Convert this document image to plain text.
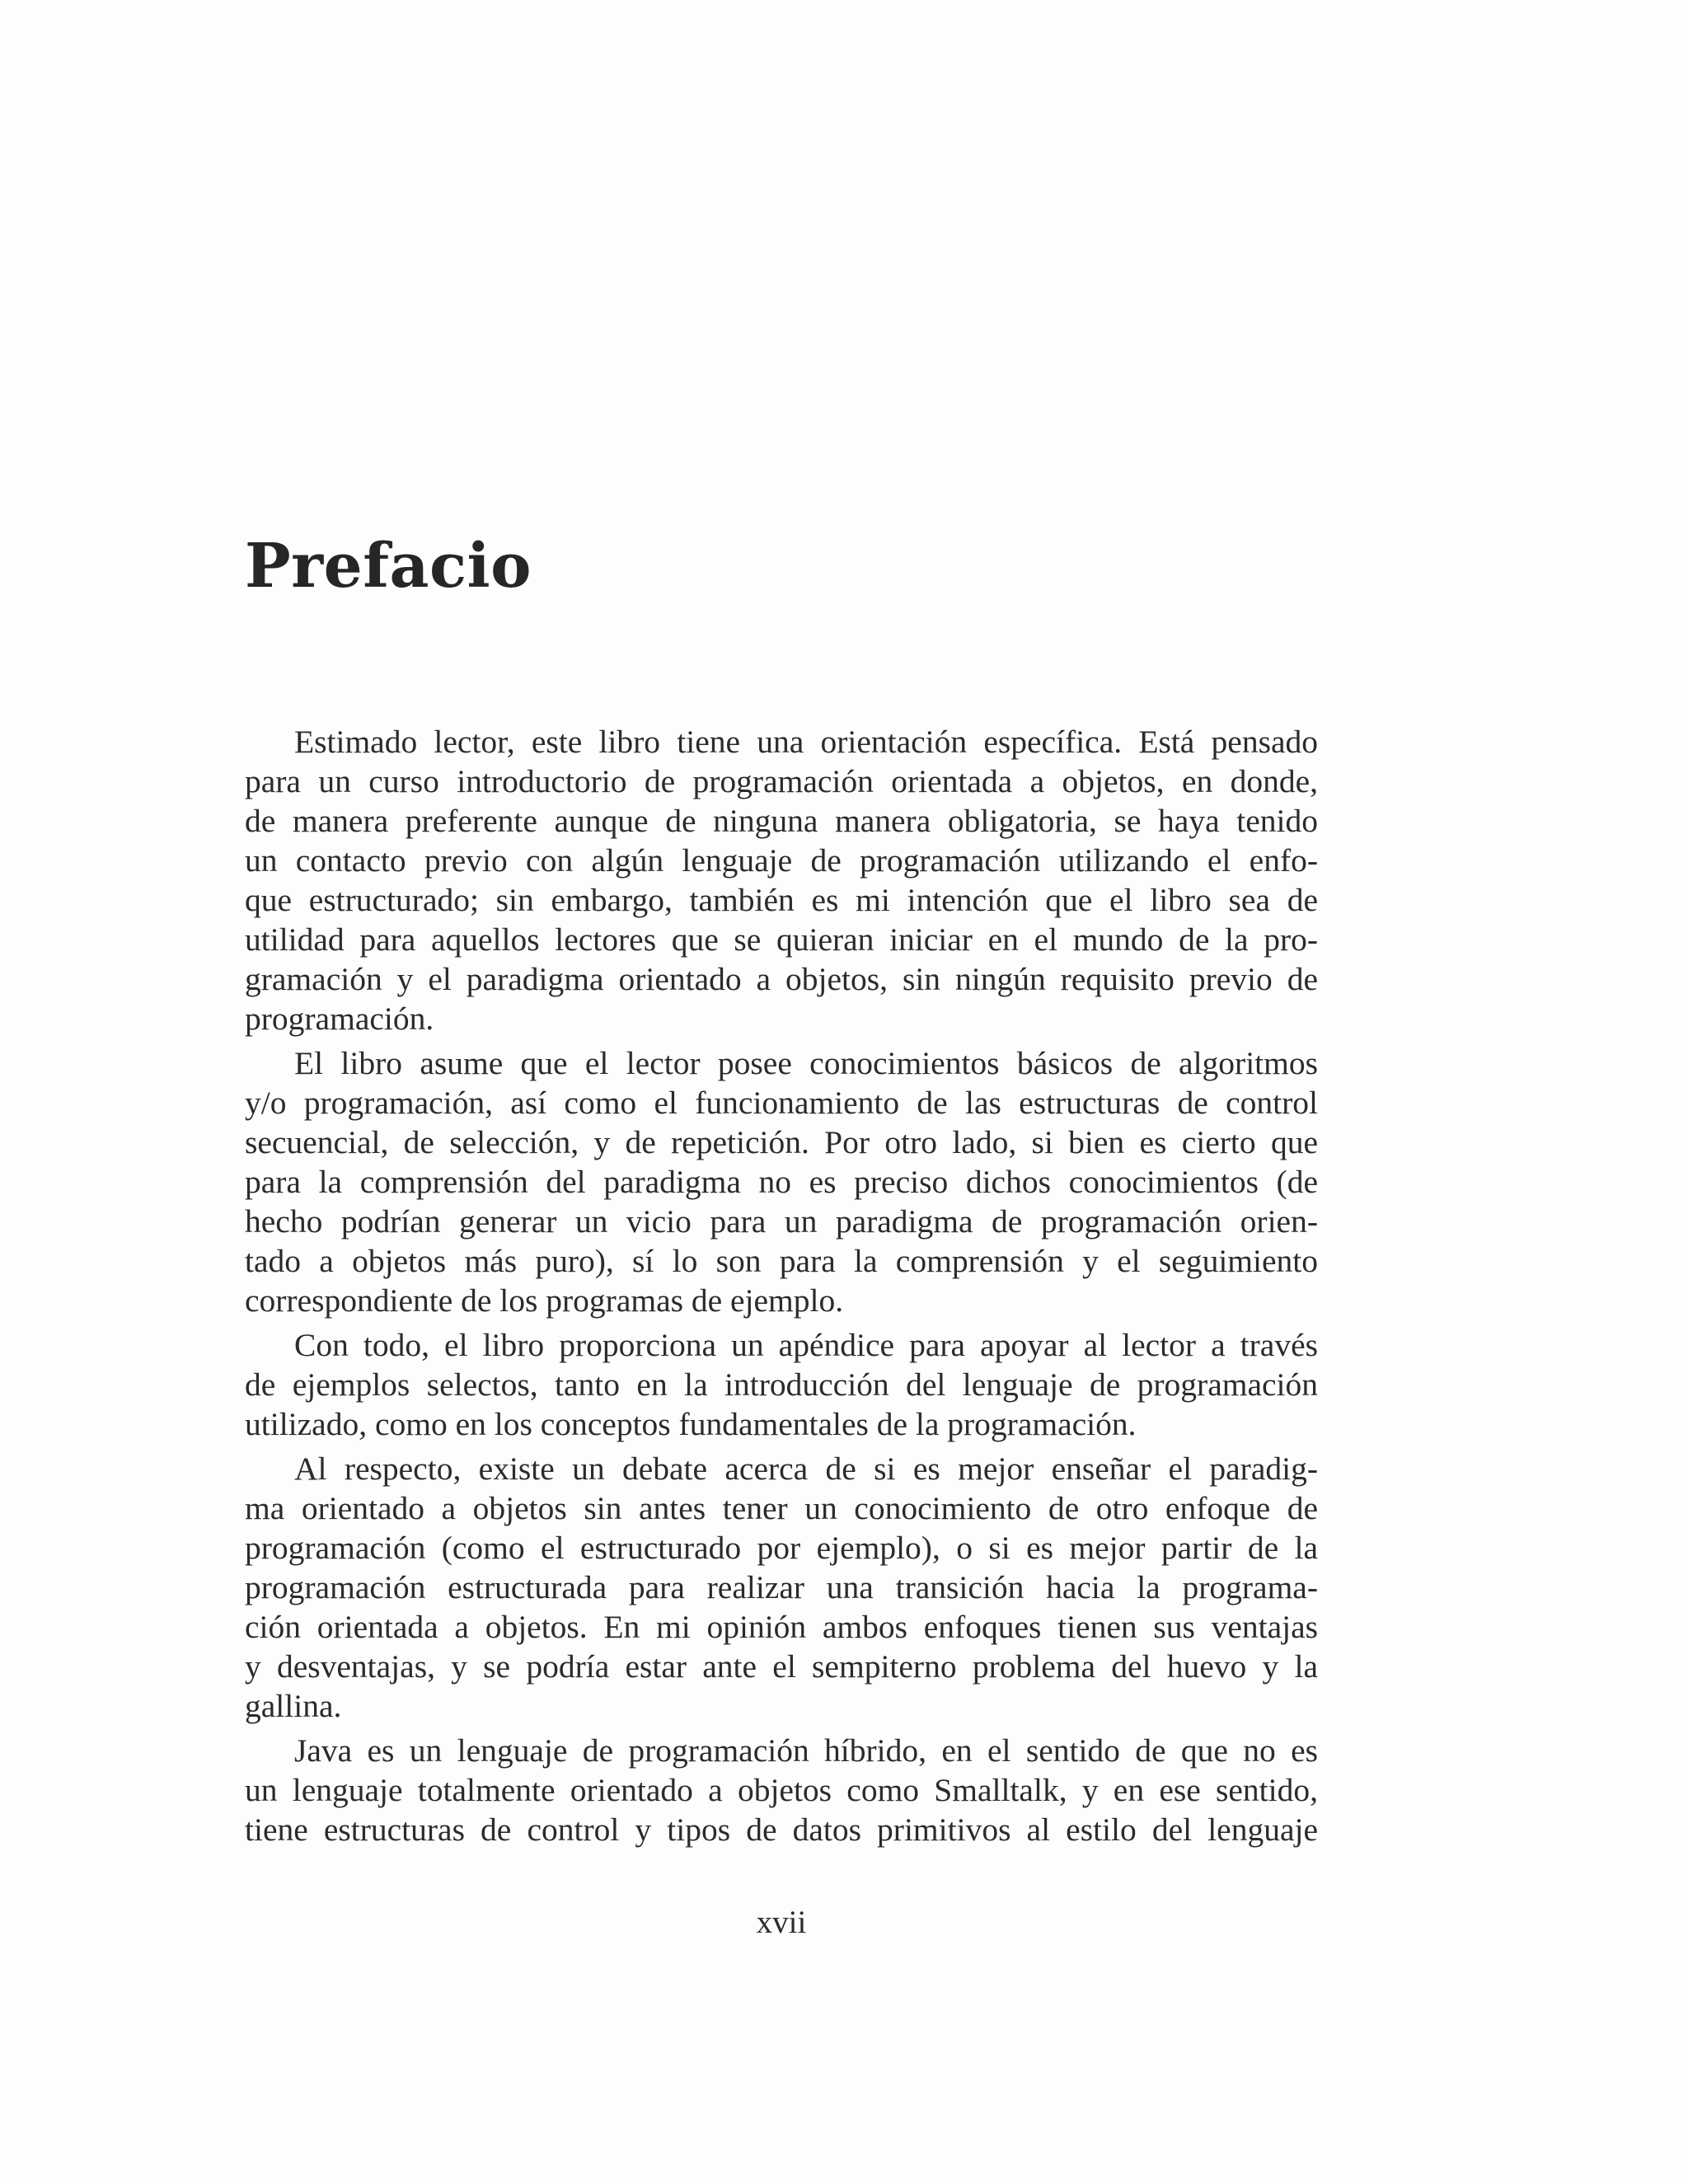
Prefacio

Estimado lector, este libro tiene una orientación específica. Está pensado
para un curso introductorio de programación orientada a objetos, en donde,
de manera preferente aunque de ninguna manera obligatoria, se haya tenido
un contacto previo con algún lenguaje de programación utilizando el enfo-
que estructurado; sin embargo, también es mi intención que el libro sea de
utilidad para aquellos lectores que se quieran iniciar en el mundo de la pro-
gramación y el paradigma orientado a objetos, sin ningún requisito previo de
programación.

El libro asume que el lector posee conocimientos básicos de algoritmos
y/o programación, así como el funcionamiento de las estructuras de control
secuencial, de selección, y de repetición. Por otro lado, si bien es cierto que
para la comprensión del paradigma no es preciso dichos conocimientos (de
hecho podrían generar un vicio para un paradigma de programación orien-
tado a objetos más puro), sí lo son para la comprensión y el seguimiento
correspondiente de los programas de ejemplo.

Con todo, el libro proporciona un apéndice para apoyar al lector a través
de ejemplos selectos, tanto en la introducción del lenguaje de programación
utilizado, como en los conceptos fundamentales de la programación.

Al respecto, existe un debate acerca de si es mejor enseñar el paradig-
ma orientado a objetos sin antes tener un conocimiento de otro enfoque de
programación (como el estructurado por ejemplo), o si es mejor partir de la
programación estructurada para realizar una transición hacia la programa-
ción orientada a objetos. En mi opinión ambos enfoques tienen sus ventajas
y desventajas, y se podría estar ante el sempiterno problema del huevo y la
gallina.

Java es un lenguaje de programación híbrido, en el sentido de que no es
un lenguaje totalmente orientado a objetos como Smalltalk, y en ese sentido,
tiene estructuras de control y tipos de datos primitivos al estilo del lenguaje

xvii
